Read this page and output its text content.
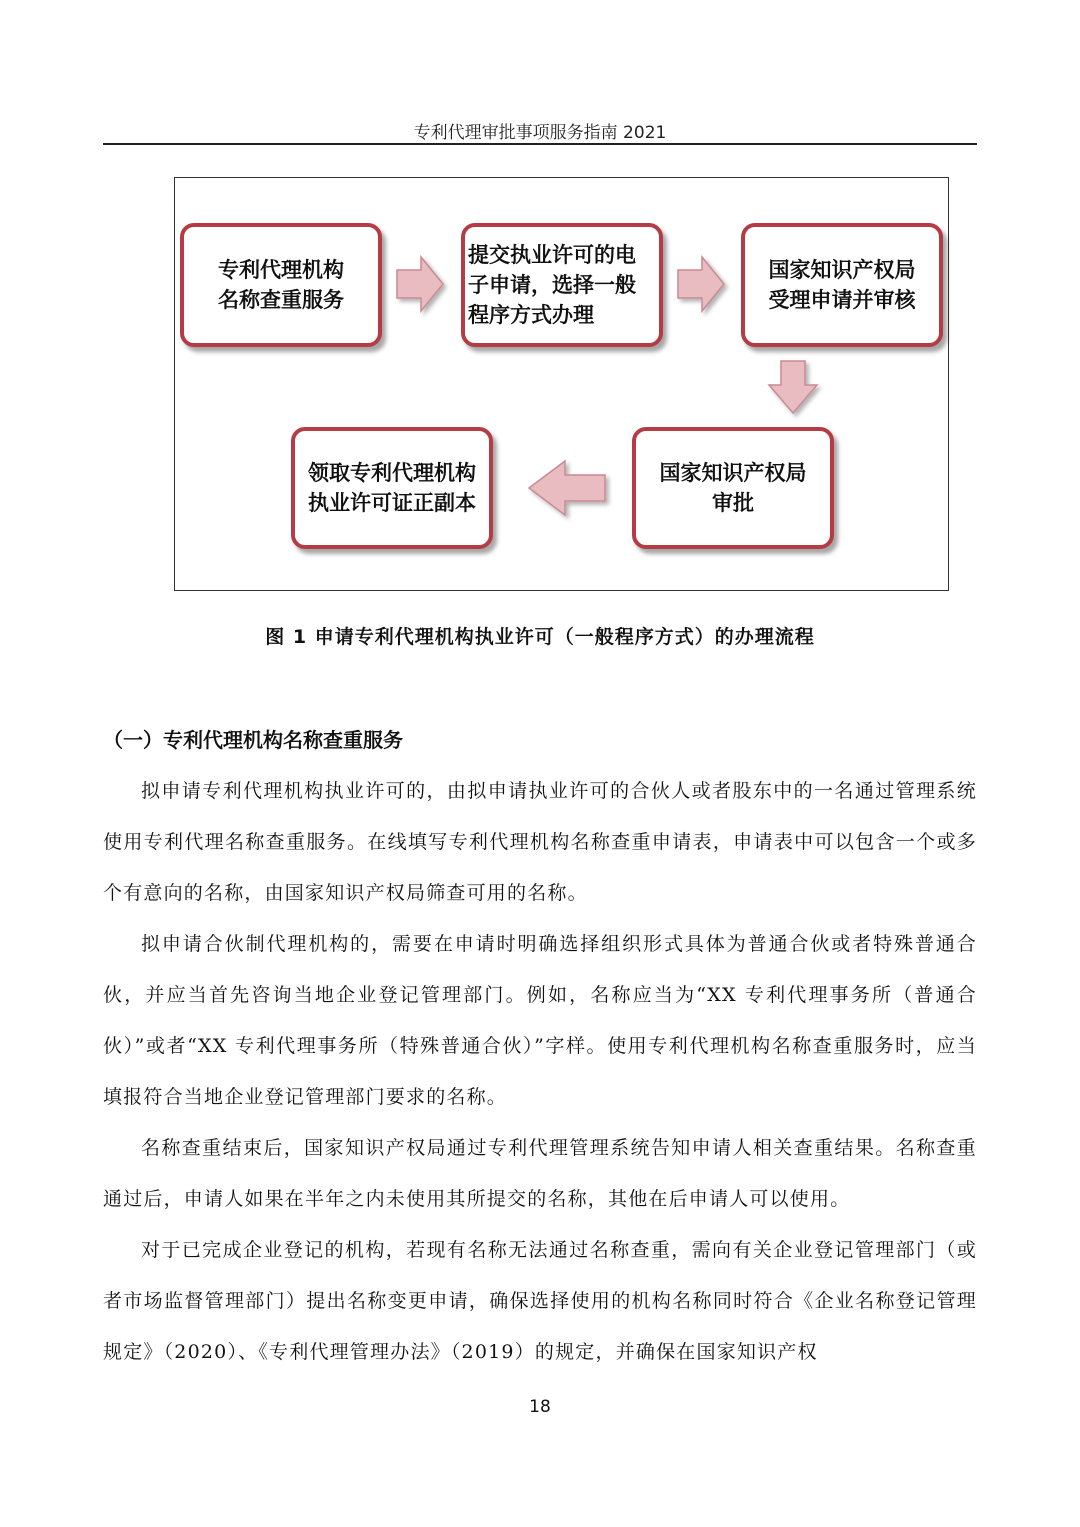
专利代理审批事项服务指南 2021
专利代理机构
名称查重服务
提交执业许可的电
子申请，选择一般
程序方式办理
国家知识产权局
受理申请并审核
国家知识产权局
审批
领取专利代理机构
执业许可证正副本
图 1 申请专利代理机构执业许可（一般程序方式）的办理流程
（一）专利代理机构名称查重服务

拟申请专利代理机构执业许可的，由拟申请执业许可的合伙人或者股东中的一名通过管理系统使用专利代理名称查重服务。在线填写专利代理机构名称查重申请表，申请表中可以包含一个或多个有意向的名称，由国家知识产权局筛查可用的名称。

拟申请合伙制代理机构的，需要在申请时明确选择组织形式具体为普通合伙或者特殊普通合伙，并应当首先咨询当地企业登记管理部门。例如，名称应当为“XX 专利代理事务所（普通合伙）”或者“XX 专利代理事务所（特殊普通合伙）”字样。使用专利代理机构名称查重服务时，应当填报符合当地企业登记管理部门要求的名称。

名称查重结束后，国家知识产权局通过专利代理管理系统告知申请人相关查重结果。名称查重通过后，申请人如果在半年之内未使用其所提交的名称，其他在后申请人可以使用。

对于已完成企业登记的机构，若现有名称无法通过名称查重，需向有关企业登记管理部门（或者市场监督管理部门）提出名称变更申请，确保选择使用的机构名称同时符合《企业名称登记管理规定》（2020）、《专利代理管理办法》（2019）的规定，并确保在国家知识产权

18
